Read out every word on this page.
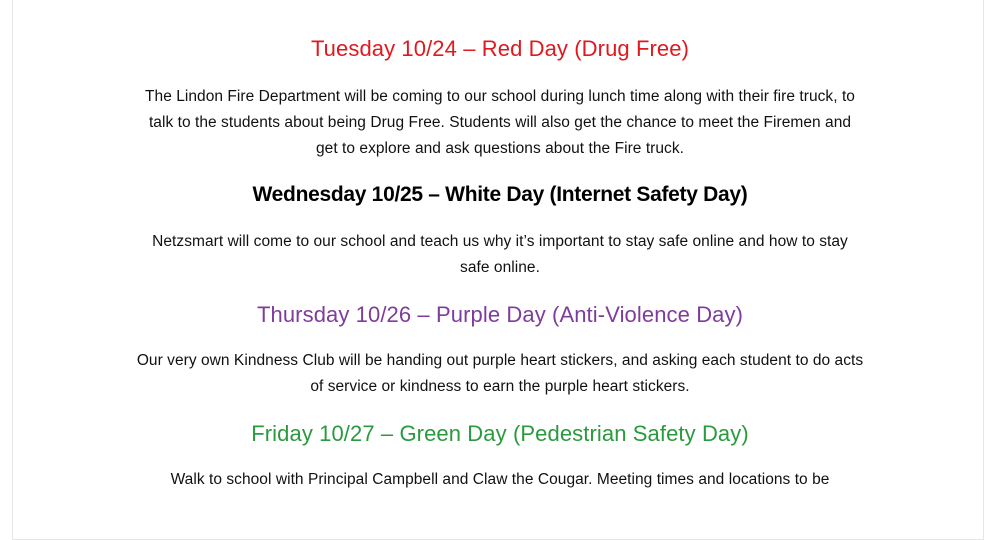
Tuesday 10/24 – Red Day (Drug Free)

The Lindon Fire Department will be coming to our school during lunch time along with their fire truck, to
talk to the students about being Drug Free. Students will also get the chance to meet the Firemen and
get to explore and ask questions about the Fire truck.

Wednesday 10/25 – White Day (Internet Safety Day)

Netzsmart will come to our school and teach us why it’s important to stay safe online and how to stay
safe online.

Thursday 10/26 – Purple Day (Anti-Violence Day)

Our very own Kindness Club will be handing out purple heart stickers, and asking each student to do acts
of service or kindness to earn the purple heart stickers.

Friday 10/27 – Green Day (Pedestrian Safety Day)

Walk to school with Principal Campbell and Claw the Cougar. Meeting times and locations to be
